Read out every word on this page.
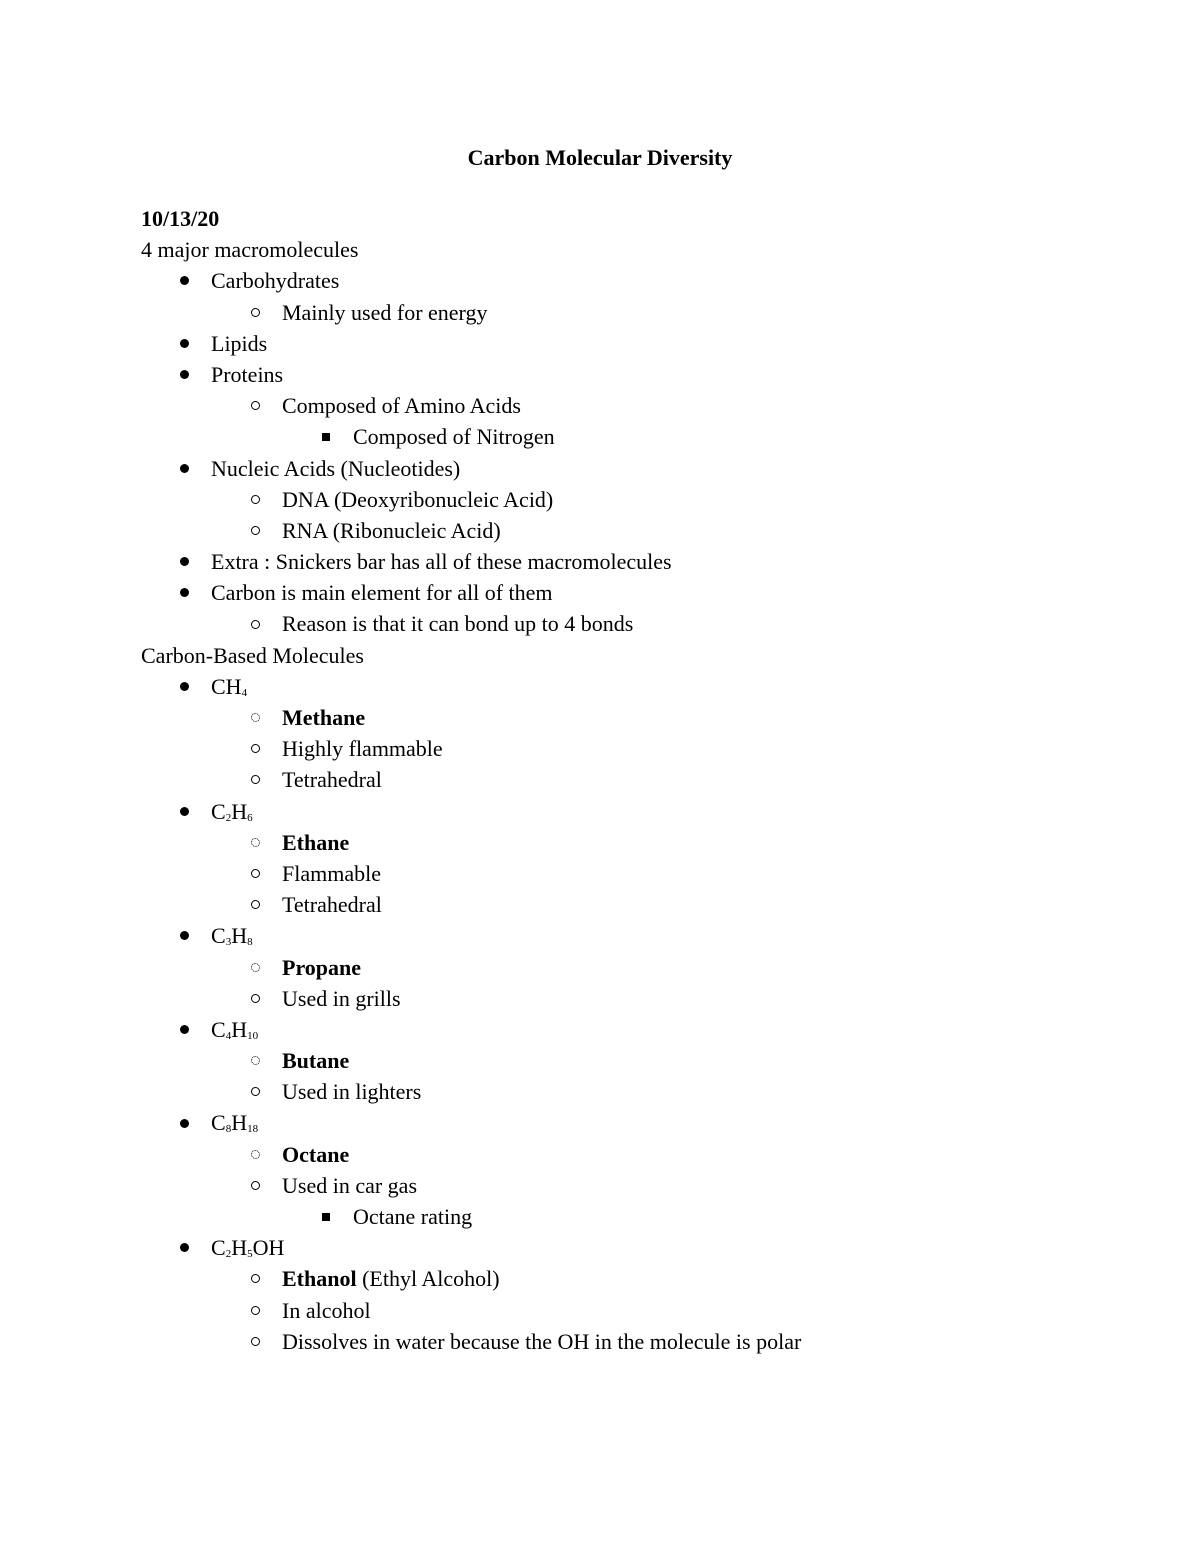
Carbon Molecular Diversity
10/13/20
4 major macromolecules
Carbohydrates
Mainly used for energy
Lipids
Proteins
Composed of Amino Acids
Composed of Nitrogen
Nucleic Acids (Nucleotides)
DNA (Deoxyribonucleic Acid)
RNA (Ribonucleic Acid)
Extra : Snickers bar has all of these macromolecules
Carbon is main element for all of them
Reason is that it can bond up to 4 bonds
Carbon-Based Molecules
$CH_4$
Methane
Highly flammable
Tetrahedral
$C_2H_6$
Ethane
Flammable
Tetrahedral
$C_3H_8$
Propane
Used in grills
$C_4H_{10}$
Butane
Used in lighters
$C_8H_{18}$
Octane
Used in car gas
Octane rating
$C_2H_5OH$
Ethanol (Ethyl Alcohol)
In alcohol
Dissolves in water because the OH in the molecule is polar
